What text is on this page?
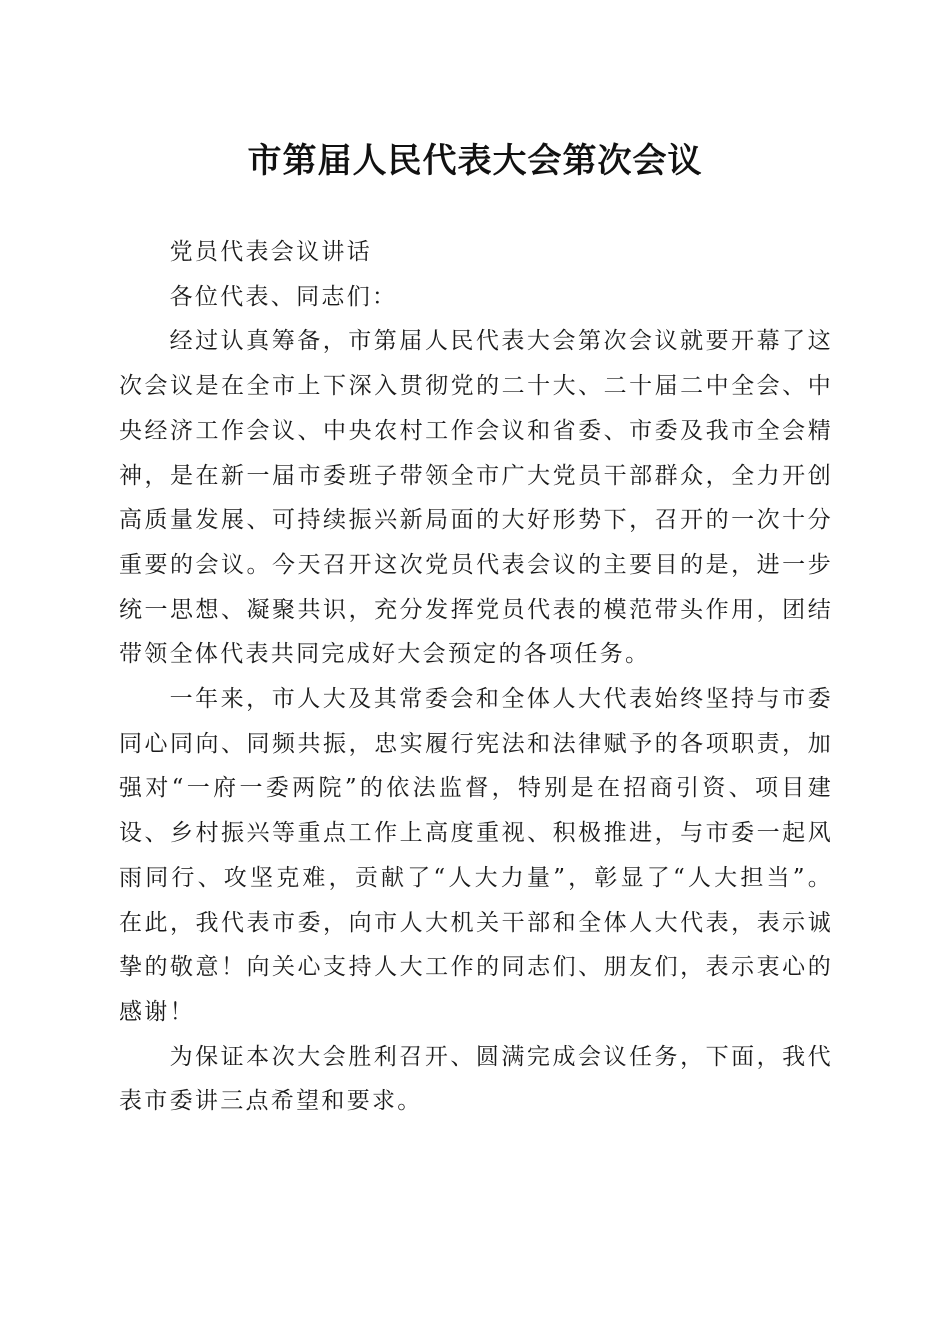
市第届人民代表大会第次会议

党员代表会议讲话

各位代表、同志们：

经过认真筹备，市第届人民代表大会第次会议就要开幕了这次会议是在全市上下深入贯彻党的二十大、二十届二中全会、中央经济工作会议、中央农村工作会议和省委、市委及我市全会精神，是在新一届市委班子带领全市广大党员干部群众，全力开创高质量发展、可持续振兴新局面的大好形势下，召开的一次十分重要的会议。今天召开这次党员代表会议的主要目的是，进一步统一思想、凝聚共识，充分发挥党员代表的模范带头作用，团结带领全体代表共同完成好大会预定的各项任务。

一年来，市人大及其常委会和全体人大代表始终坚持与市委同心同向、同频共振，忠实履行宪法和法律赋予的各项职责，加强对“一府一委两院”的依法监督，特别是在招商引资、项目建设、乡村振兴等重点工作上高度重视、积极推进，与市委一起风雨同行、攻坚克难，贡献了“人大力量”，彰显了“人大担当”。在此，我代表市委，向市人大机关干部和全体人大代表，表示诚挚的敬意！向关心支持人大工作的同志们、朋友们，表示衷心的感谢！

为保证本次大会胜利召开、圆满完成会议任务，下面，我代表市委讲三点希望和要求。
